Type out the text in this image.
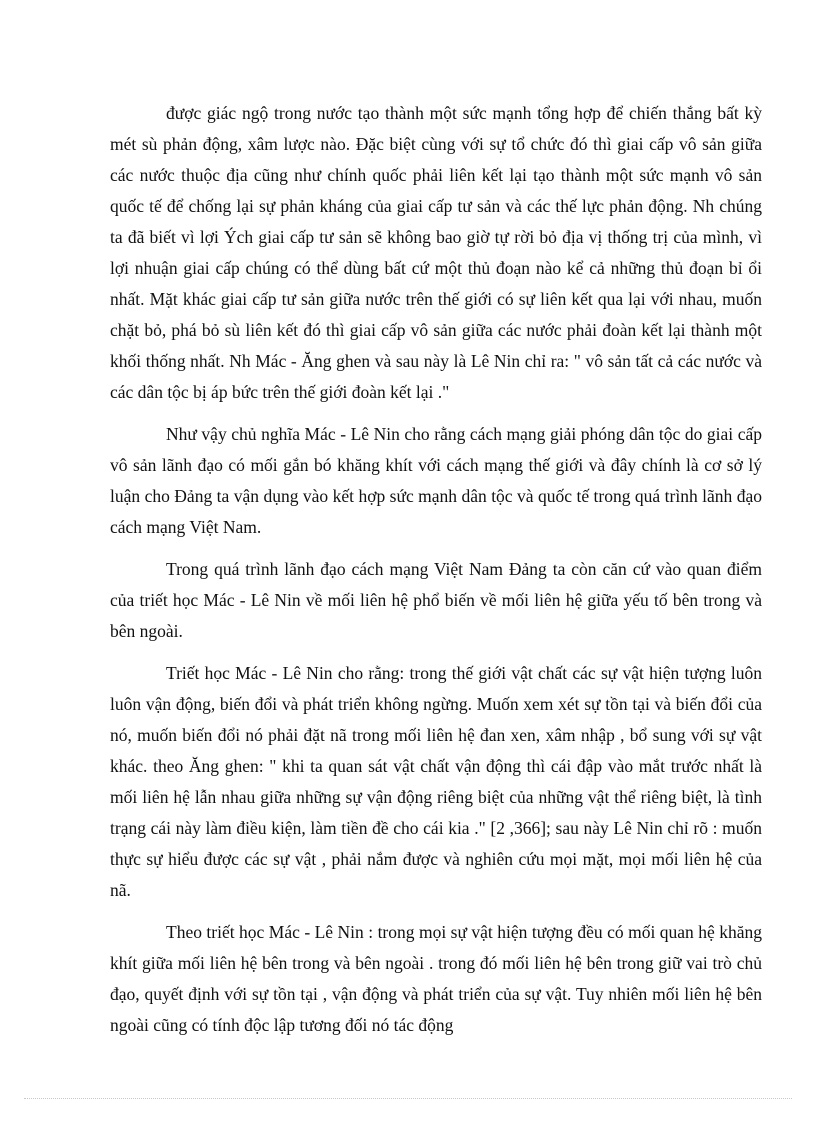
được giác ngộ trong nước tạo thành một sức mạnh tổng hợp để chiến thắng bất kỳ mét sù phản động, xâm lược nào. Đặc biệt cùng với sự tổ chức đó thì giai cấp vô sản giữa các nước thuộc địa cũng như chính quốc phải liên kết lại tạo thành một sức mạnh vô sản quốc tế để chống lại sự phản kháng của giai cấp tư sản và các thế lực phản động. Nh chúng ta đã biết vì lợi Ých giai cấp tư sản sẽ không bao giờ tự rời bỏ địa vị thống trị của mình, vì lợi nhuận giai cấp chúng có thể dùng bất cứ một thủ đoạn nào kể cả những thủ đoạn bỉ ổi nhất. Mặt khác giai cấp tư sản giữa nước trên thế giới có sự liên kết qua lại với nhau, muốn chặt bỏ, phá bỏ sù liên kết đó thì giai cấp vô sản giữa các nước phải đoàn kết lại thành một khối thống nhất. Nh Mác - Ăng ghen và sau này là Lê Nin chỉ ra: " vô sản tất cả các nước và các dân tộc bị áp bức trên thế giới đoàn kết lại ."

Như vậy chủ nghĩa Mác - Lê Nin cho rằng cách mạng giải phóng dân tộc do giai cấp vô sản lãnh đạo có mối gắn bó khăng khít với cách mạng thế giới và đây chính là cơ sở lý luận cho Đảng ta vận dụng vào kết hợp sức mạnh dân tộc và quốc tế trong quá trình lãnh đạo cách mạng Việt Nam.

Trong quá trình lãnh đạo cách mạng Việt Nam Đảng ta còn căn cứ vào quan điểm của triết học Mác - Lê Nin về mối liên hệ phổ biến về mối liên hệ giữa yếu tố bên trong và bên ngoài.

Triết học Mác - Lê Nin cho rằng: trong thế giới vật chất các sự vật hiện tượng luôn luôn vận động, biến đổi và phát triển không ngừng. Muốn xem xét sự tồn tại và biến đổi của nó, muốn biến đổi nó phải đặt nã trong mối liên hệ đan xen, xâm nhập , bổ sung với sự vật khác. theo Ăng ghen: " khi ta quan sát vật chất vận động thì cái đập vào mắt trước nhất là mối liên hệ lẫn nhau giữa những sự vận động riêng biệt của những vật thể riêng biệt, là tình trạng cái này làm điều kiện, làm tiền đề cho cái kia ." [2 ,366]; sau này Lê Nin chỉ rõ : muốn thực sự hiểu được các sự vật , phải nắm được và nghiên cứu mọi mặt, mọi mối liên hệ của nã.

Theo triết học Mác - Lê Nin : trong mọi sự vật hiện tượng đều có mối quan hệ khăng khít giữa mối liên hệ bên trong và bên ngoài . trong đó mối liên hệ bên trong giữ vai trò chủ đạo, quyết định với sự tồn tại , vận động và phát triển của sự vật. Tuy nhiên mối liên hệ bên ngoài cũng có tính độc lập tương đối nó tác động
